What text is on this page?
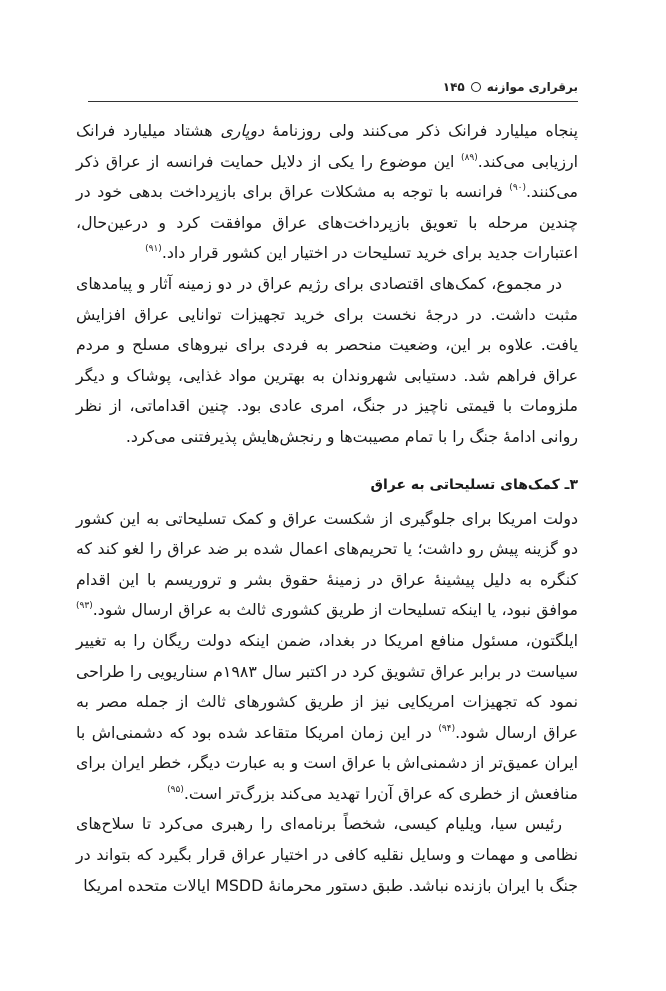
برقراری موازنه
۱۴۵

پنجاه میلیارد فرانک ذکر می‌کنند ولی روزنامهٔ دوپاری هشتاد میلیارد فرانک ارزیابی می‌کند.$^{(۸۹)}$ این موضوع را یکی از دلایل حمایت فرانسه از عراق ذکر می‌کنند.$^{(۹۰)}$ فرانسه با توجه به مشکلات عراق برای بازپرداخت بدهی خود در چندین مرحله با تعویق بازپرداخت‌های عراق موافقت کرد و درعین‌حال، اعتبارات جدید برای خرید تسلیحات در اختیار این کشور قرار داد.$^{(۹۱)}$

در مجموع، کمک‌های اقتصادی برای رژیم عراق در دو زمینه آثار و پیامدهای مثبت داشت. در درجهٔ نخست برای خرید تجهیزات توانایی عراق افزایش یافت. علاوه بر این، وضعیت منحصر به فردی برای نیروهای مسلح و مردم عراق فراهم شد. دستیابی شهروندان به بهترین مواد غذایی، پوشاک و دیگر ملزومات با قیمتی ناچیز در جنگ، امری عادی بود. چنین اقداماتی، از نظر روانی ادامهٔ جنگ را با تمام مصیبت‌ها و رنجش‌هایش پذیرفتنی می‌کرد.

۳ـ کمک‌های تسلیحاتی به عراق

دولت امریکا برای جلوگیری از شکست عراق و کمک تسلیحاتی به این کشور دو گزینه پیش رو داشت؛ یا تحریم‌های اعمال شده بر ضد عراق را لغو کند که کنگره به دلیل پیشینهٔ عراق در زمینهٔ حقوق بشر و تروریسم با این اقدام موافق نبود، یا اینکه تسلیحات از طریق کشوری ثالث به عراق ارسال شود.$^{(۹۳)}$ ایلگتون، مسئول منافع امریکا در بغداد، ضمن اینکه دولت ریگان را به تغییر سیاست در برابر عراق تشویق کرد در اکتبر سال ۱۹۸۳م سناریویی را طراحی نمود که تجهیزات امریکایی نیز از طریق کشورهای ثالث از جمله مصر به عراق ارسال شود.$^{(۹۴)}$ در این زمان امریکا متقاعد شده بود که دشمنی‌اش با ایران عمیق‌تر از دشمنی‌اش با عراق است و به عبارت دیگر، خطر ایران برای منافعش از خطری که عراق آن‌را تهدید می‌کند بزرگ‌تر است.$^{(۹۵)}$

رئیس سیا، ویلیام کیسی، شخصاً برنامه‌ای را رهبری می‌کرد تا سلاح‌های نظامی و مهمات و وسایل نقلیه کافی در اختیار عراق قرار بگیرد که بتواند در جنگ با ایران بازنده نباشد. طبق دستور محرمانهٔ MSDD ایالات متحده امریکا
